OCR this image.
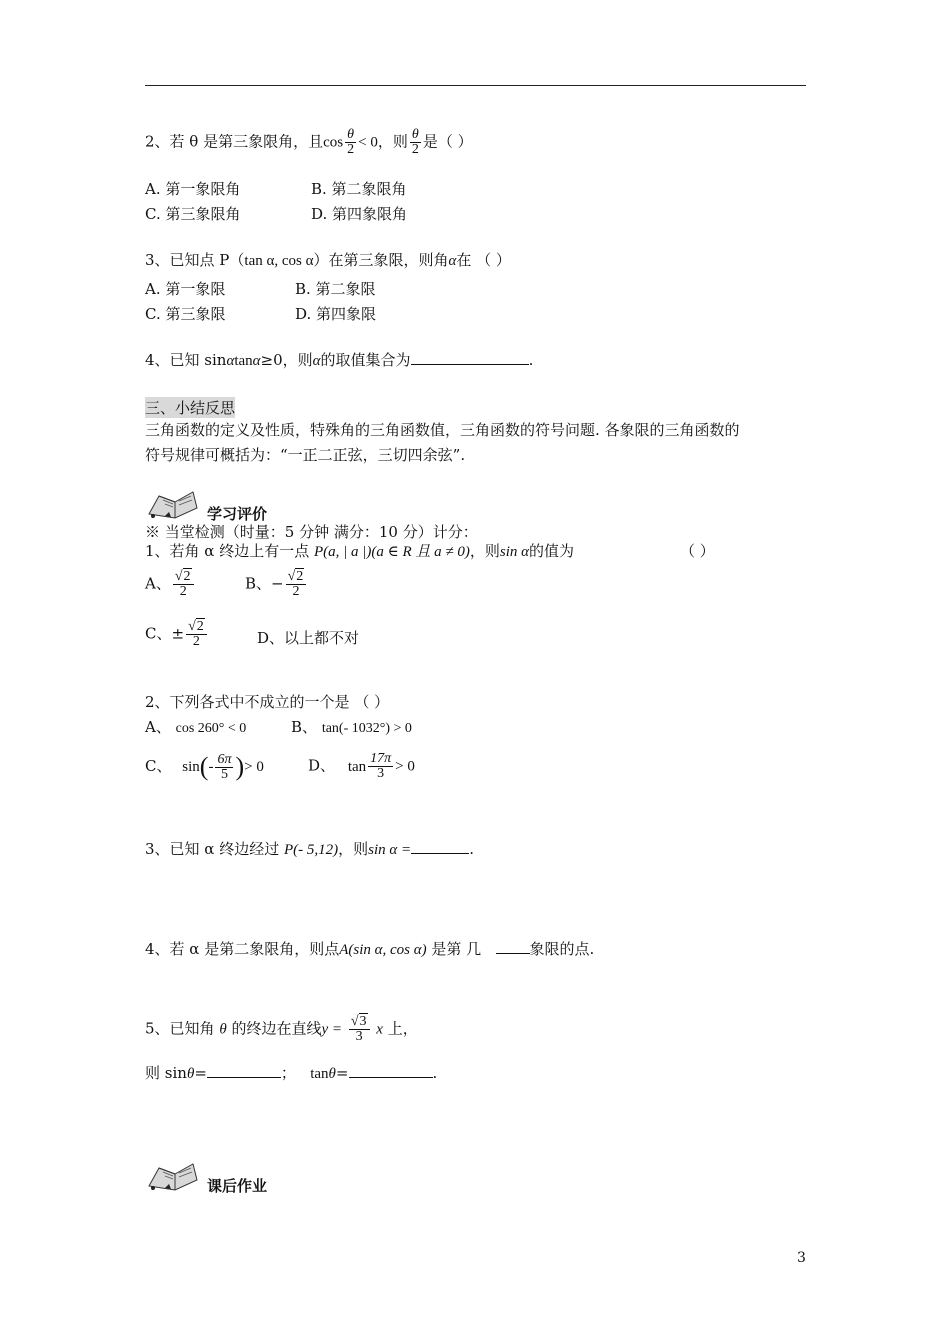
2、若 θ 是第三象限角，且$\cos \frac{\theta}{2} < 0$，则 $\frac{\theta}{2}$ 是（ ）
A. 第一象限角	B. 第二象限角
C. 第三象限角	D. 第四象限角
3、已知点 P（tan α, cos α）在第三象限，则角α在 （ ）
A. 第一象限	B. 第二象限
C. 第三象限	D. 第四象限
4、已知 sinαtanα≥0，则α的取值集合为	.
三、小结反思
三角函数的定义及性质，特殊角的三角函数值，三角函数的符号问题. 各象限的三角函数的
符号规律可概括为：“一正二正弦，三切四余弦”.
学习评价
※ 当堂检测（时量：5 分钟 满分：10 分）计分：
1、若角 α 终边上有一点 P(a, | a |)(a ∈ R 且 a ≠ 0)，则sin α的值为	（ ）
A、 $\frac{√2}{2}$	B、− $\frac{√2}{2}$
C、± $\frac{√2}{2}$	D、以上都不对
2、下列各式中不成立的一个是 （ ）
A、 cos 260° < 0	B、 tan(- 1032°) > 0
C、 $\sin(- \frac{6\pi}{5}$ )> 0	D、 $\tan \frac{17\pi}{3} > 0$
3、已知 α 终边经过 P(- 5,12)，则sin α =	.
4、若 α 是第二象限角，则点A(sin α, cos α) 是第 几	象限的点.
5、已知角 θ 的终边在直线$y = \frac{√3}{3}$ x 上，
则 sinθ=	； tanθ=	.
课后作业
3
